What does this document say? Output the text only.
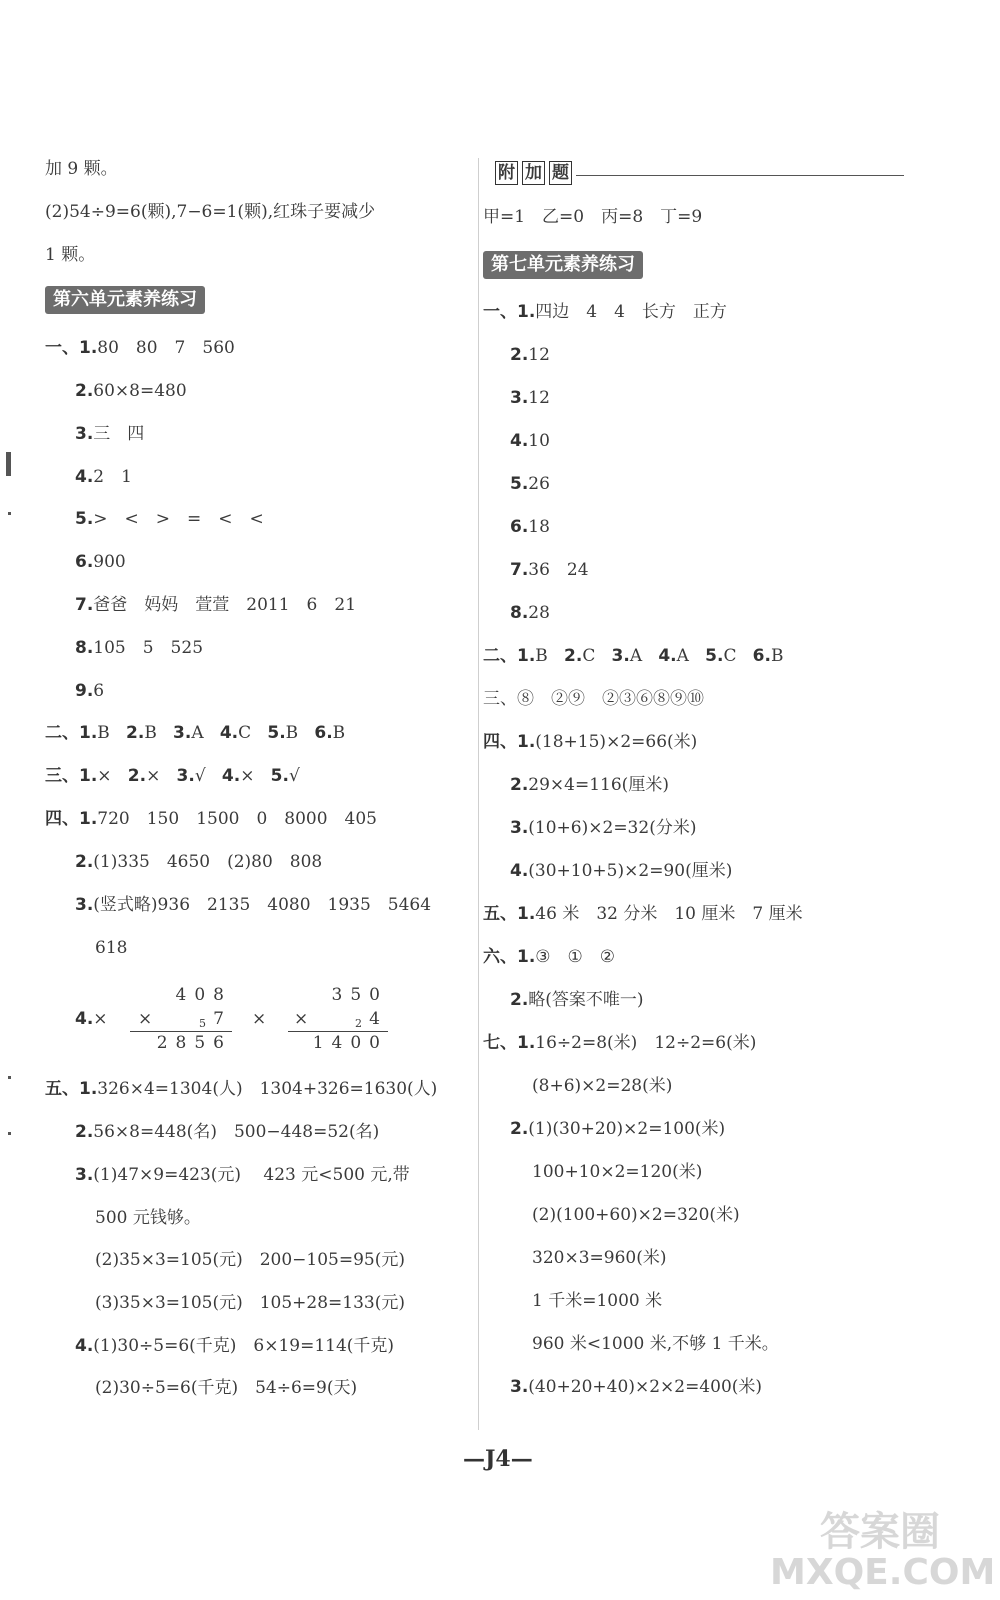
加 9 颗。
(2)54÷9=6(颗),7−6=1(颗),红珠子要减少
1 颗。
第六单元素养练习
一、1.80　80　7　560
2.60×8=480
3.三　四
4.2　1
5.>　<　>　=　<　<
6.900
7.爸爸　妈妈　萱萱　2011　6　21
8.105　5　525
9.6
二、1.B 2.B 3.A 4.C 5.B 6.B
三、1.× 2.× 3.√ 4.× 5.√
四、1.720　150　1500　0　8000　405
2.(1)335　4650　(2)80　808
3.(竖式略)936　2135　4080　1935　5464
618
4.×
408
×	5 7
2856
×
350
×	2 4
1400
五、1.326×4=1304(人)　1304+326=1630(人)
2.56×8=448(名)　500−448=52(名)
3.(1)47×9=423(元)　 423 元<500 元,带
500 元钱够。
(2)35×3=105(元)　200−105=95(元)
(3)35×3=105(元)　105+28=133(元)
4.(1)30÷5=6(千克)　6×19=114(千克)
(2)30÷5=6(千克)　54÷6=9(天)
附 加 题
甲=1　乙=0　丙=8　丁=9
第七单元素养练习
一、1.四边　4　4　长方　正方
2.12
3.12
4.10
5.26
6.18
7.36　24
8.28
二、1.B 2.C 3.A 4.A 5.C 6.B
三、⑧　②⑨　②③⑥⑧⑨⑩
四、1.(18+15)×2=66(米)
2.29×4=116(厘米)
3.(10+6)×2=32(分米)
4.(30+10+5)×2=90(厘米)
五、1.46 米　32 分米　10 厘米　7 厘米
六、1.③　①　②
2.略(答案不唯一)
七、1.16÷2=8(米)　12÷2=6(米)
(8+6)×2=28(米)
2.(1)(30+20)×2=100(米)
100+10×2=120(米)
(2)(100+60)×2=320(米)
320×3=960(米)
1 千米=1000 米
960 米<1000 米,不够 1 千米。
3.(40+20+40)×2×2=400(米)
—J4—
答案圈
MXQE.COM
